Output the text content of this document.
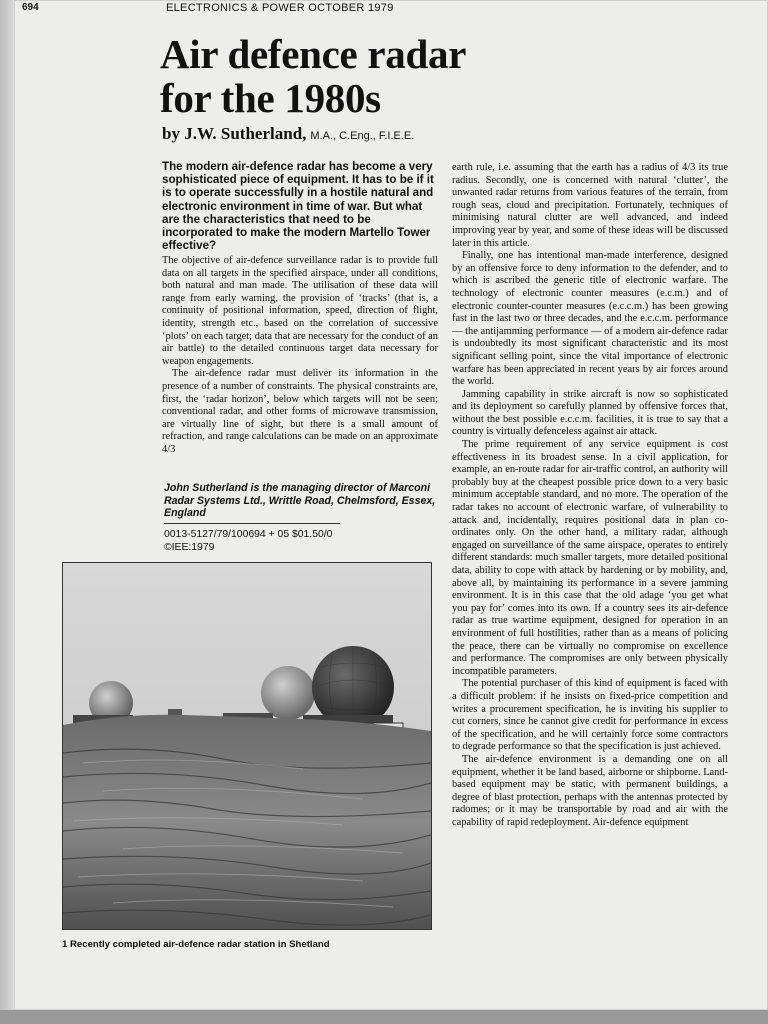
694	ELECTRONICS & POWER OCTOBER 1979
Air defence radar
for the 1980s
by J.W. Sutherland, M.A., C.Eng., F.I.E.E.
The modern air-defence radar has become a very sophisticated piece of equipment. It has to be if it is to operate successfully in a hostile natural and electronic environment in time of war. But what are the characteristics that need to be incorporated to make the modern Martello Tower effective?

The objective of air-defence surveillance radar is to provide full data on all targets in the specified airspace, under all conditions, both natural and man made. The utilisation of these data will range from early warning, the provision of ‘tracks’ (that is, a continuity of positional information, speed, direction of flight, identity, strength etc., based on the correlation of successive ‘plots’ on each target; data that are necessary for the conduct of an air battle) to the detailed continuous target data necessary for weapon engagements.

The air-defence radar must deliver its information in the presence of a number of constraints. The physical constraints are, first, the ‘radar horizon’, below which targets will not be seen; conventional radar, and other forms of microwave transmission, are virtually line of sight, but there is a small amount of refraction, and range calculations can be made on an approximate 4/3

John Sutherland is the managing director of Marconi Radar Systems Ltd., Writtle Road, Chelmsford, Essex, England
0013-5127/79/100694 + 05 $01.50/0
©IEE:1979
1 Recently completed air-defence radar station in Shetland

earth rule, i.e. assuming that the earth has a radius of 4/3 its true radius. Secondly, one is concerned with natural ‘clutter’, the unwanted radar returns from various features of the terrain, from rough seas, cloud and precipitation. Fortunately, techniques of minimising natural clutter are well advanced, and indeed improving year by year, and some of these ideas will be discussed later in this article.

Finally, one has intentional man-made interference, designed by an offensive force to deny information to the defender, and to which is ascribed the generic title of electronic warfare. The technology of electronic counter measures (e.c.m.) and of electronic counter-counter measures (e.c.c.m.) has been growing fast in the last two or three decades, and the e.c.c.m. performance — the antijamming performance — of a modern air-defence radar is undoubtedly its most significant characteristic and its most significant selling point, since the vital importance of electronic warfare has been appreciated in recent years by air forces around the world.

Jamming capability in strike aircraft is now so sophisticated and its deployment so carefully planned by offensive forces that, without the best possible e.c.c.m. facilities, it is true to say that a country is virtually defenceless against air attack.

The prime requirement of any service equipment is cost effectiveness in its broadest sense. In a civil application, for example, an en-route radar for air-traffic control, an authority will probably buy at the cheapest possible price down to a very basic minimum acceptable standard, and no more. The operation of the radar takes no account of electronic warfare, of vulnerability to attack and, incidentally, requires positional data in plan co-ordinates only. On the other hand, a military radar, although engaged on surveillance of the same airspace, operates to entirely different standards: much smaller targets, more detailed positional data, ability to cope with attack by hardening or by mobility, and, above all, by maintaining its performance in a severe jamming environment. It is in this case that the old adage ‘you get what you pay for’ comes into its own. If a country sees its air-defence radar as true wartime equipment, designed for operation in an environment of full hostilities, rather than as a means of policing the peace, there can be virtually no compromise on excellence and performance. The compromises are only between physically incompatible parameters.

The potential purchaser of this kind of equipment is faced with a difficult problem: if he insists on fixed-price competition and writes a procurement specification, he is inviting his supplier to cut corners, since he cannot give credit for performance in excess of the specification, and he will certainly force some contractors to degrade performance so that the specification is just achieved.

The air-defence environment is a demanding one on all equipment, whether it be land based, airborne or shipborne. Land-based equipment may be static, with permanent buildings, a degree of blast protection, perhaps with the antennas protected by radomes; or it may be transportable by road and air with the capability of rapid redeployment. Air-defence equipment
